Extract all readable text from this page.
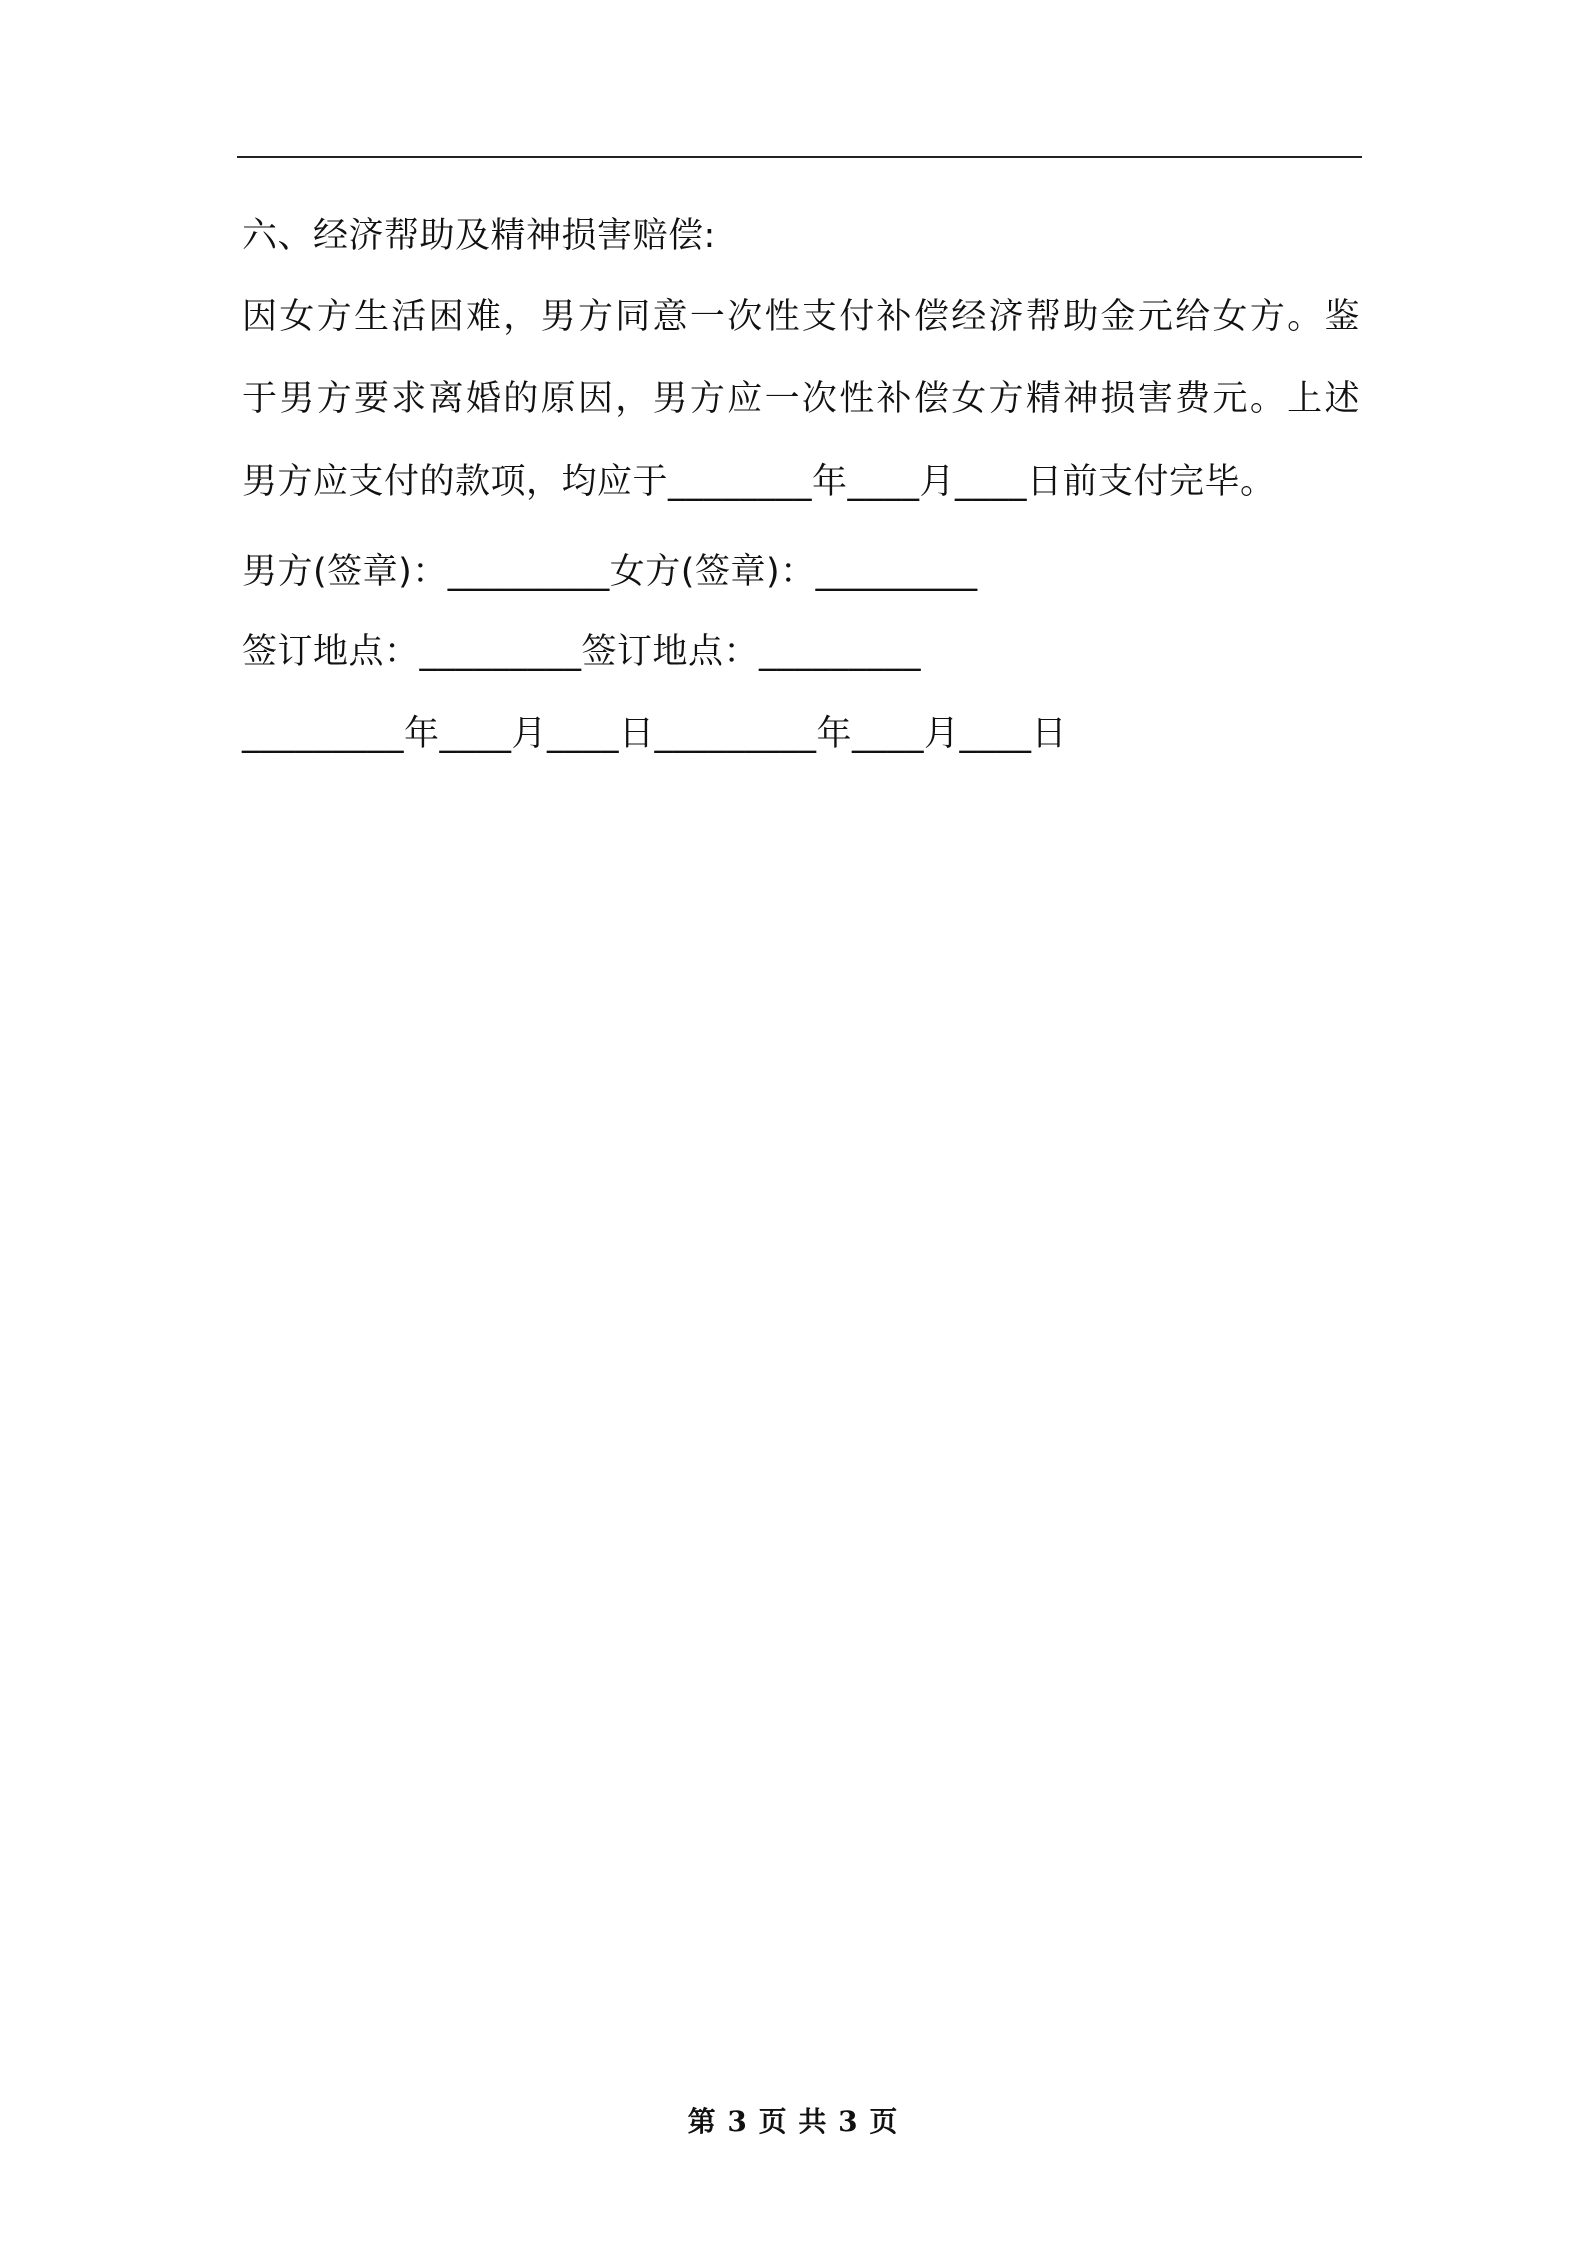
六、经济帮助及精神损害赔偿:
因女方生活困难，男方同意一次性支付补偿经济帮助金元给女方。鉴
于男方要求离婚的原因，男方应一次性补偿女方精神损害费元。上述
男方应支付的款项，均应于________年____月____日前支付完毕。
男方(签章)：_________女方(签章)：_________
签订地点：_________签订地点：_________
_________年____月____日_________年____月____日
第 3 页 共 3 页
